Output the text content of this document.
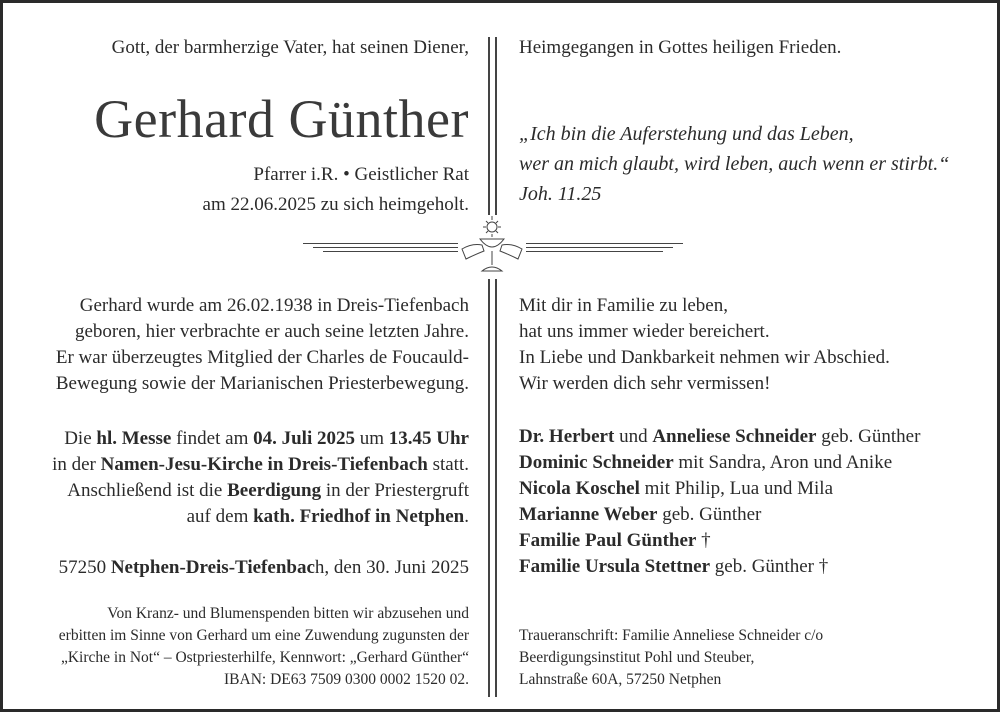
Gott, der barmherzige Vater, hat seinen Diener,
Gerhard Günther
Pfarrer i.R. • Geistlicher Rat
am 22.06.2025 zu sich heimgeholt.
Gerhard wurde am 26.02.1938 in Dreis-Tiefenbach
geboren, hier verbrachte er auch seine letzten Jahre.
Er war überzeugtes Mitglied der Charles de Foucauld-
Bewegung sowie der Marianischen Priesterbewegung.
Die hl. Messe findet am 04. Juli 2025 um 13.45 Uhr
in der Namen-Jesu-Kirche in Dreis-Tiefenbach statt.
Anschließend ist die Beerdigung in der Priestergruft
auf dem kath. Friedhof in Netphen.
57250 Netphen-Dreis-Tiefenbach, den 30. Juni 2025
Von Kranz- und Blumenspenden bitten wir abzusehen und
erbitten im Sinne von Gerhard um eine Zuwendung zugunsten der
„Kirche in Not“ – Ostpriesterhilfe, Kennwort: „Gerhard Günther“
IBAN: DE63 7509 0300 0002 1520 02.
Heimgegangen in Gottes heiligen Frieden.
„Ich bin die Auferstehung und das Leben,
wer an mich glaubt, wird leben, auch wenn er stirbt.“
Joh. 11.25
Mit dir in Familie zu leben,
hat uns immer wieder bereichert.
In Liebe und Dankbarkeit nehmen wir Abschied.
Wir werden dich sehr vermissen!
Dr. Herbert und Anneliese Schneider geb. Günther
Dominic Schneider mit Sandra, Aron und Anike
Nicola Koschel mit Philip, Lua und Mila
Marianne Weber geb. Günther
Familie Paul Günther †
Familie Ursula Stettner geb. Günther †
Traueranschrift: Familie Anneliese Schneider c/o
Beerdigungsinstitut Pohl und Steuber,
Lahnstraße 60A, 57250 Netphen
